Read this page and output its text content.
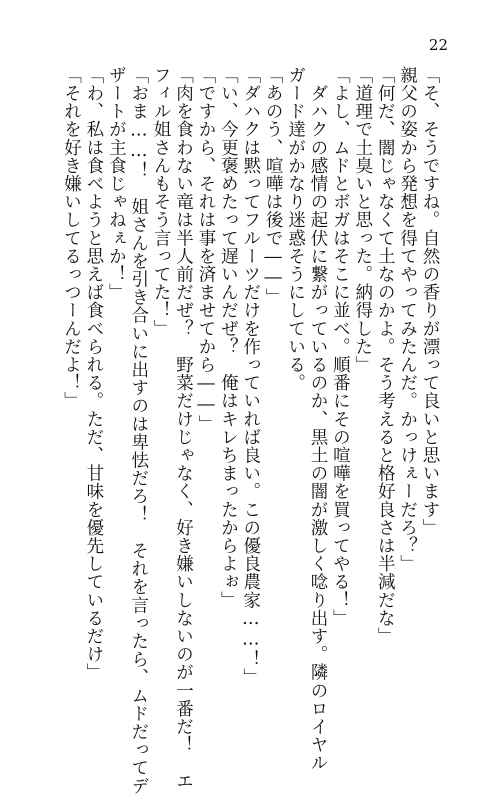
22
「そ、そうですね。自然の香りが漂って良いと思います」
親父の姿から発想を得てやってみたんだ。かっけぇーだろ？」
「何だ、闇じゃなくて土なのかよ。そう考えると格好良さは半減だな」
「道理で土臭いと思った。納得した」
「よし、ムドとボガはそこに並べ。順番にその喧嘩を買ってやる！」
　ダハクの感情の起伏に繋がっているのか、黒土の闇が激しく唸り出す。隣のロイヤル
ガード達がかなり迷惑そうにしている。
「あのう、喧嘩は後で――」
「ダハクは黙ってフルーツだけを作っていれば良い。この優良農家……！」
「い、今更褒めたって遅いんだぜ？　俺はキレちまったからよぉ」
「ですから、それは事を済ませてから――」
「肉を食わない竜は半人前だぜ？　野菜だけじゃなく、好き嫌いしないのが一番だ！　エ
フィル姐さんもそう言ってた！」
「おま……！　姐さんを引き合いに出すのは卑怯だろ！　それを言ったら、ムドだってデ
ザートが主食じゃねぇか！」
「わ、私は食べようと思えば食べられる。ただ、甘味を優先しているだけ」
「それを好き嫌いしてるっつーんだよ！」
